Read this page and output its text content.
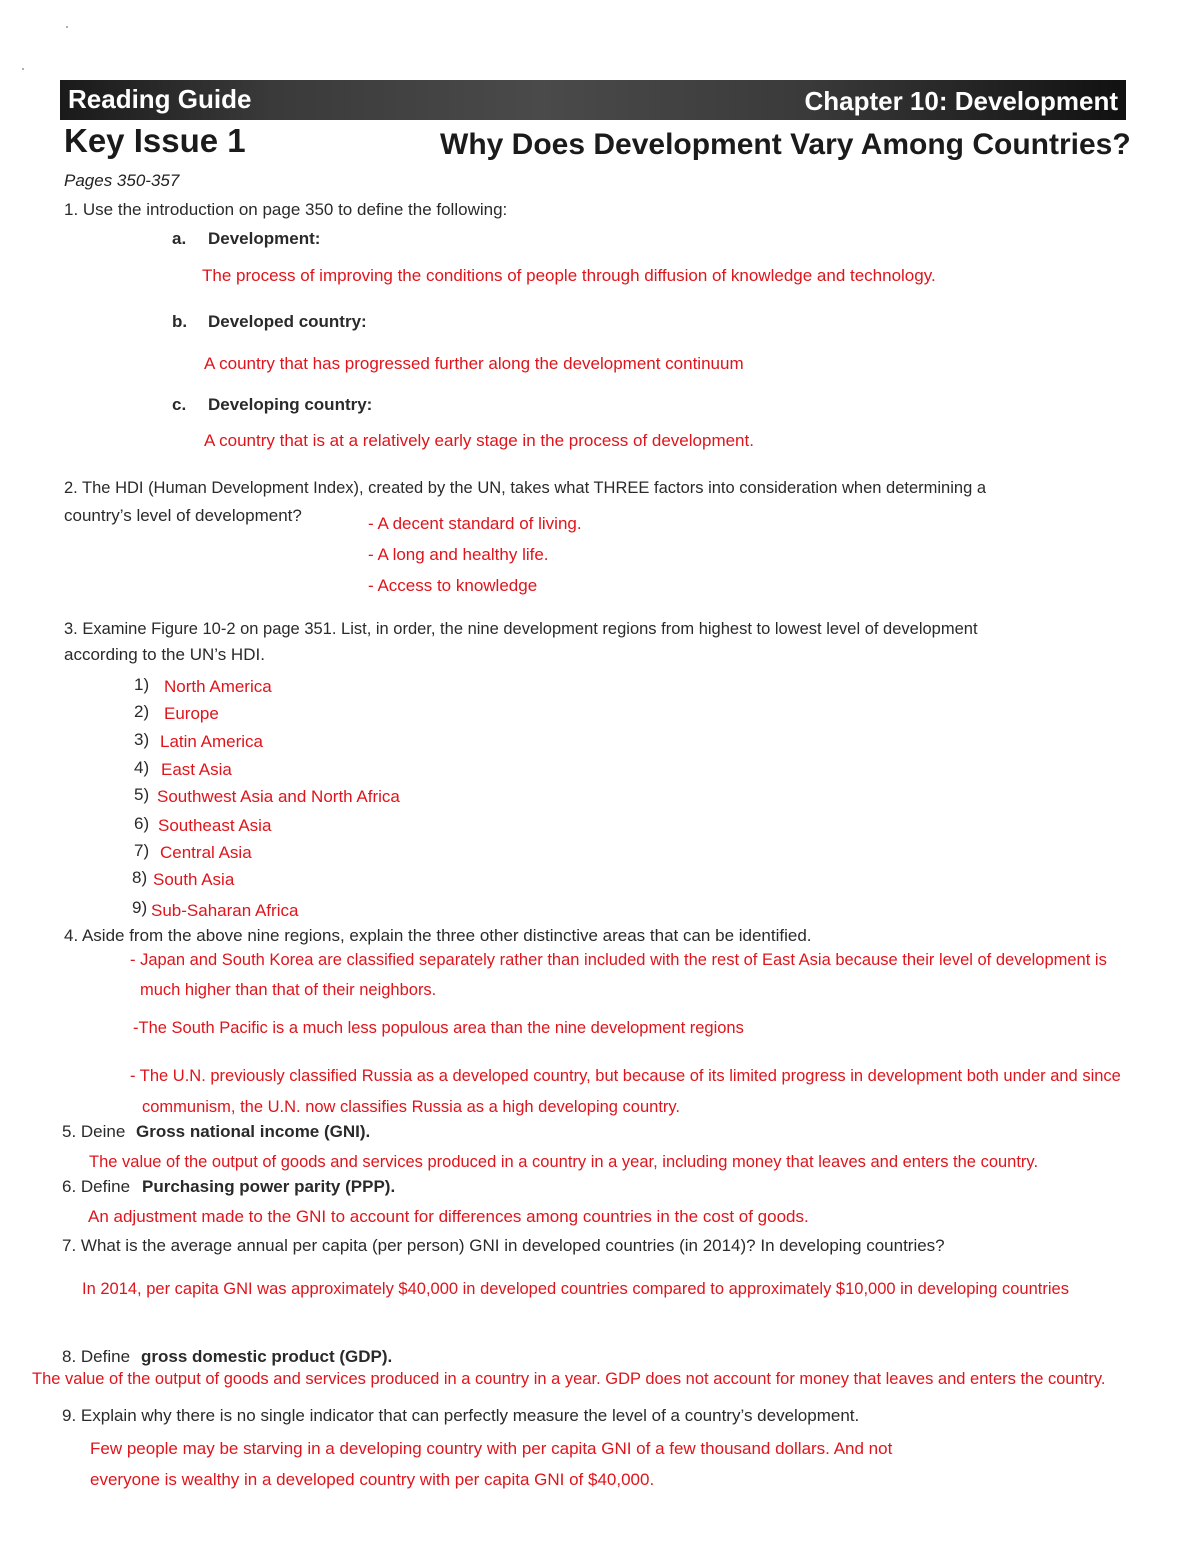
Reading Guide	Chapter 10: Development
Key Issue 1	Why Does Development Vary Among Countries?
Pages 350-357
1. Use the introduction on page 350 to define the following:
a. Development:
The process of improving the conditions of people through diffusion of knowledge and technology.
b. Developed country:
A country that has progressed further along the development continuum
c. Developing country:
A country that is at a relatively early stage in the process of development.
2. The HDI (Human Development Index), created by the UN, takes what THREE factors into consideration when determining a
country’s level of development?	- A decent standard of living.
- A long and healthy life.
- Access to knowledge
3. Examine Figure 10-2 on page 351. List, in order, the nine development regions from highest to lowest level of development
according to the UN’s HDI.
1) North America
2) Europe
3) Latin America
4) East Asia
5) Southwest Asia and North Africa
6) Southeast Asia
7) Central Asia
8) South Asia
9) Sub-Saharan Africa
4. Aside from the above nine regions, explain the three other distinctive areas that can be identified.
- Japan and South Korea are classified separately rather than included with the rest of East Asia because their level of development is
much higher than that of their neighbors.
-The South Pacific is a much less populous area than the nine development regions
- The U.N. previously classified Russia as a developed country, but because of its limited progress in development both under and since
communism, the U.N. now classifies Russia as a high developing country.
5. Deine Gross national income (GNI).
The value of the output of goods and services produced in a country in a year, including money that leaves and enters the country.
6. Define Purchasing power parity (PPP).
An adjustment made to the GNI to account for differences among countries in the cost of goods.
7. What is the average annual per capita (per person) GNI in developed countries (in 2014)? In developing countries?
In 2014, per capita GNI was approximately $40,000 in developed countries compared to approximately $10,000 in developing countries
8. Define gross domestic product (GDP).
The value of the output of goods and services produced in a country in a year. GDP does not account for money that leaves and enters the country.
9. Explain why there is no single indicator that can perfectly measure the level of a country’s development.
Few people may be starving in a developing country with per capita GNI of a few thousand dollars. And not
everyone is wealthy in a developed country with per capita GNI of $40,000.
